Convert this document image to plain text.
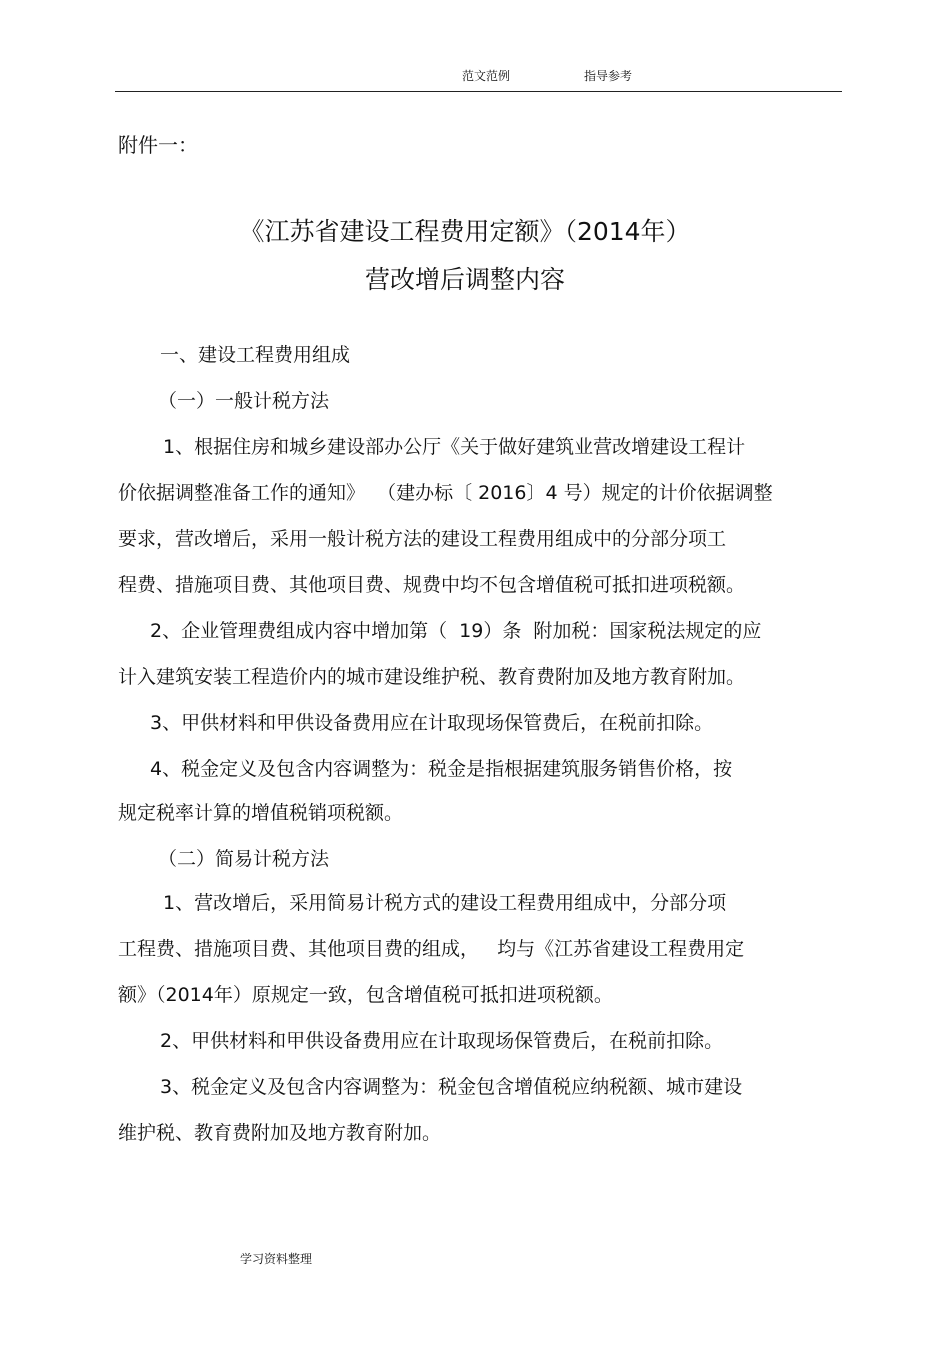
范文范例	指导参考
附件一：
《江苏省建设工程费用定额》（2014年）
营改增后调整内容
一、建设工程费用组成
（一）一般计税方法
1、根据住房和城乡建设部办公厅《关于做好建筑业营改增建设工程计
价依据调整准备工作的通知》  （建办标〔 2016〕4 号）规定的计价依据调整
要求，营改增后，采用一般计税方法的建设工程费用组成中的分部分项工
程费、措施项目费、其他项目费、规费中均不包含增值税可抵扣进项税额。
2、企业管理费组成内容中增加第（  19）条  附加税：国家税法规定的应
计入建筑安装工程造价内的城市建设维护税、教育费附加及地方教育附加。
3、甲供材料和甲供设备费用应在计取现场保管费后，在税前扣除。
4、税金定义及包含内容调整为：税金是指根据建筑服务销售价格，按
规定税率计算的增值税销项税额。
（二）简易计税方法
1、营改增后，采用简易计税方式的建设工程费用组成中，分部分项
工程费、措施项目费、其他项目费的组成，   均与《江苏省建设工程费用定
额》（2014年）原规定一致，包含增值税可抵扣进项税额。
2、甲供材料和甲供设备费用应在计取现场保管费后，在税前扣除。
3、税金定义及包含内容调整为：税金包含增值税应纳税额、城市建设
维护税、教育费附加及地方教育附加。
学习资料整理
